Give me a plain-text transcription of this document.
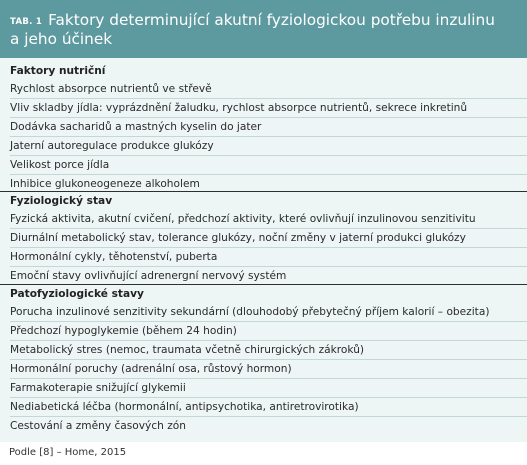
TAB. 1 Faktory determinující akutní fyziologickou potřebu inzulinu
a jeho účinek
Faktory nutriční
Rychlost absorpce nutrientů ve střevě
Vliv skladby jídla: vyprázdnění žaludku, rychlost absorpce nutrientů, sekrece inkretinů
Dodávka sacharidů a mastných kyselin do jater
Jaterní autoregulace produkce glukózy
Velikost porce jídla
Inhibice glukoneogeneze alkoholem
Fyziologický stav
Fyzická aktivita, akutní cvičení, předchozí aktivity, které ovlivňují inzulinovou senzitivitu
Diurnální metabolický stav, tolerance glukózy, noční změny v jaterní produkci glukózy
Hormonální cykly, těhotenství, puberta
Emoční stavy ovlivňující adrenergní nervový systém
Patofyziologické stavy
Porucha inzulinové senzitivity sekundární (dlouhodobý přebytečný příjem kalorií – obezita)
Předchozí hypoglykemie (během 24 hodin)
Metabolický stres (nemoc, traumata včetně chirurgických zákroků)
Hormonální poruchy (adrenální osa, růstový hormon)
Farmakoterapie snižující glykemii
Nediabetická léčba (hormonální, antipsychotika, antiretrovirotika)
Cestování a změny časových zón
Podle [8] – Home, 2015
